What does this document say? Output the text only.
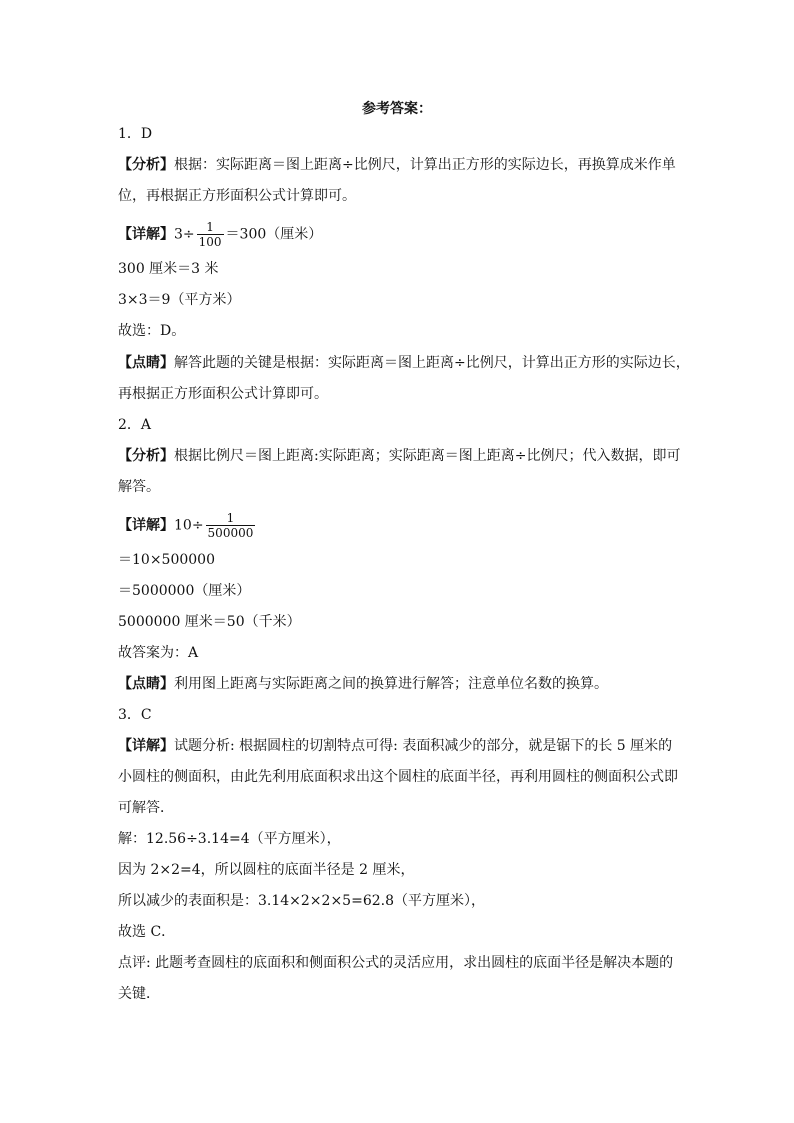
参考答案：
1．D
【分析】根据：实际距离＝图上距离÷比例尺，计算出正方形的实际边长，再换算成米作单
位，再根据正方形面积公式计算即可。
【详解】$3\div \frac{1}{100} =300$（厘米）
300 厘米＝3 米
3×3＝9（平方米）
故选：D。
【点睛】解答此题的关键是根据：实际距离＝图上距离÷比例尺，计算出正方形的实际边长，
再根据正方形面积公式计算即可。
2．A
【分析】根据比例尺＝图上距离:实际距离；实际距离＝图上距离÷比例尺；代入数据，即可
解答。
【详解】$10\div \frac{1}{500000}$
＝10×500000
＝5000000（厘米）
5000000 厘米＝50（千米）
故答案为：A
【点睛】利用图上距离与实际距离之间的换算进行解答；注意单位名数的换算。
3．C
【详解】试题分析: 根据圆柱的切割特点可得: 表面积减少的部分，就是锯下的长 5 厘米的
小圆柱的侧面积，由此先利用底面积求出这个圆柱的底面半径，再利用圆柱的侧面积公式即
可解答．
解：12.56÷3.14=4（平方厘米），
因为 2×2=4，所以圆柱的底面半径是 2 厘米，
所以减少的表面积是：3.14×2×2×5=62.8（平方厘米），
故选 C．
点评: 此题考查圆柱的底面积和侧面积公式的灵活应用，求出圆柱的底面半径是解决本题的
关键．
